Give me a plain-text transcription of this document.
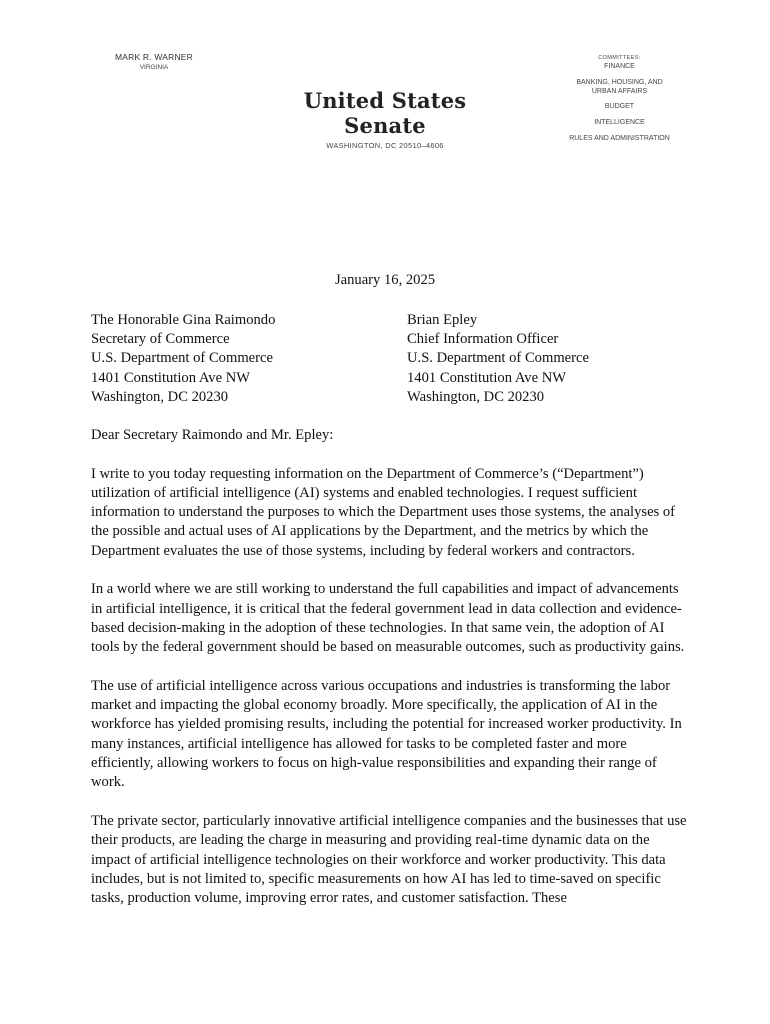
MARK R. WARNER
VIRGINIA
United States Senate
WASHINGTON, DC 20510–4606
COMMITTEES:
FINANCE
BANKING, HOUSING, AND
URBAN AFFAIRS
BUDGET
INTELLIGENCE
RULES AND ADMINISTRATION
January 16, 2025
The Honorable Gina Raimondo
Secretary of Commerce
U.S. Department of Commerce
1401 Constitution Ave NW
Washington, DC 20230
Brian Epley
Chief Information Officer
U.S. Department of Commerce
1401 Constitution Ave NW
Washington, DC 20230

Dear Secretary Raimondo and Mr. Epley:

I write to you today requesting information on the Department of Commerce’s (“Department”) utilization of artificial intelligence (AI) systems and enabled technologies. I request sufficient information to understand the purposes to which the Department uses those systems, the analyses of the possible and actual uses of AI applications by the Department, and the metrics by which the Department evaluates the use of those systems, including by federal workers and contractors.

In a world where we are still working to understand the full capabilities and impact of advancements in artificial intelligence, it is critical that the federal government lead in data collection and evidence-based decision-making in the adoption of these technologies. In that same vein, the adoption of AI tools by the federal government should be based on measurable outcomes, such as productivity gains.

The use of artificial intelligence across various occupations and industries is transforming the labor market and impacting the global economy broadly. More specifically, the application of AI in the workforce has yielded promising results, including the potential for increased worker productivity. In many instances, artificial intelligence has allowed for tasks to be completed faster and more efficiently, allowing workers to focus on high-value responsibilities and expanding their range of work.

The private sector, particularly innovative artificial intelligence companies and the businesses that use their products, are leading the charge in measuring and providing real-time dynamic data on the impact of artificial intelligence technologies on their workforce and worker productivity. This data includes, but is not limited to, specific measurements on how AI has led to time-saved on specific tasks, production volume, improving error rates, and customer satisfaction. These
